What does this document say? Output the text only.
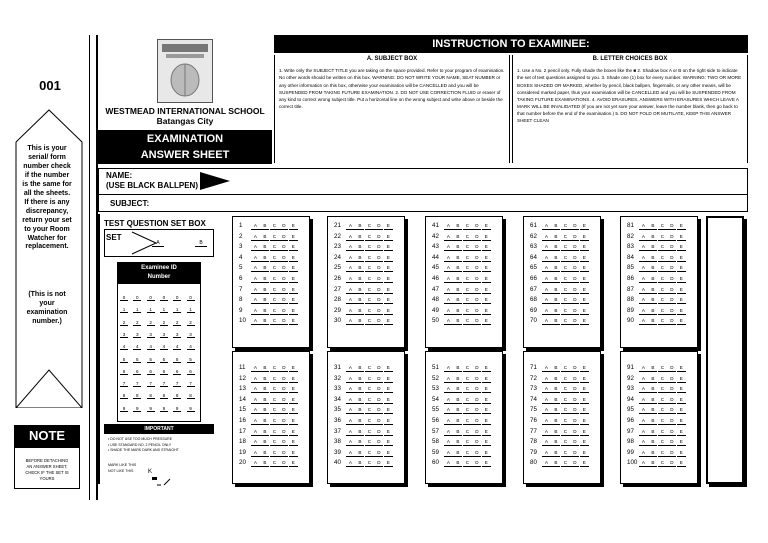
001
This is your
serial/ form
number check
if the number
is the same for
all the sheets.
If there is any
discrepancy,
return your set
to your Room
Watcher for
replacement.
(This is not
your
examination
number.)
NOTE
BEFORE DETACHING
AN ANSWER SHEET,
CHECK IF THE SET IS
YOURS
WESTMEAD INTERNATIONAL SCHOOL
Batangas City
EXAMINATION
ANSWER SHEET
INSTRUCTION TO EXAMINEE:
A. SUBJECT BOX
1. Write only the SUBJECT TITLE you are taking on the space provided. Refer to your program of examination. No other words should be written on this box. WARNING: DO NOT WRITE YOUR NAME, SEAT NUMBER or any other information on this box, otherwise your examination will be CANCELLED and you will be SUSPENDED FROM TAKING FUTURE EXAMINATION. 2. DO NOT USE CORRECTION FLUID or eraser of any kind to correct wrong subject title. Put a horizontal line on the wrong subject and write above or beside the correct title.
B. LETTER CHOICES BOX
1. Use a No. 2 pencil only. Fully shade the boxes like the ■ 2. Shadow box A or B on the right side to indicate the set of test questions assigned to you. 3. Shade one (1) box for every number. WARNING: TWO OR MORE BOXES SHADED OR MARKED, whether by pencil, black ballpen, fingernails, or any other means, will be considered marked paper, thus your examination will be CANCELLED and you will be SUSPENDED FROM TAKING FUTURE EXAMINATIONS. 4. AVOID ERASURES, ANSWERS WITH ERASURES WHICH LEAVE A MARK WILL BE INVALIDATED (If you are not yet sure your answer, leave the number blank, then go back to that number before the end of the examination.) 5. DO NOT FOLD OR MUTILATE, KEEP THIS ANSWER SHEET CLEAN
NAME:
(USE BLACK BALLPEN)
SUBJECT:
TEST QUESTION SET BOX
SET
A	B
Examinee ID
Number
0
1
2
3
4
5
6
7
8
9
0
1
2
3
4
5
6
7
8
9
0
1
2
3
4
5
6
7
8
9
0
1
2
3
4
5
6
7
8
9
0
1
2
3
4
5
6
7
8
9
0
1
2
3
4
5
6
7
8
9
IMPORTANT
• DO NOT USE TOO MUCH PRESSURE
• USE STANDARD NO. 2 PENCIL ONLY
• SHADE THE MARK DARK AND STRAIGHT
MARK LIKE THIS
NOT LIKE THIS	K
1 A B C D E
2 A B C D E
3 A B C D E
4 A B C D E
5 A B C D E
6 A B C D E
7 A B C D E
8 A B C D E
9 A B C D E
10 A B C D E
11 A B C D E
12 A B C D E
13 A B C D E
14 A B C D E
15 A B C D E
16 A B C D E
17 A B C D E
18 A B C D E
19 A B C D E
20 A B C D E
21 A B C D E
22 A B C D E
23 A B C D E
24 A B C D E
25 A B C D E
26 A B C D E
27 A B C D E
28 A B C D E
29 A B C D E
30 A B C D E
31 A B C D E
32 A B C D E
33 A B C D E
34 A B C D E
35 A B C D E
36 A B C D E
37 A B C D E
38 A B C D E
39 A B C D E
40 A B C D E
41 A B C D E
42 A B C D E
43 A B C D E
44 A B C D E
45 A B C D E
46 A B C D E
47 A B C D E
48 A B C D E
49 A B C D E
50 A B C D E
51 A B C D E
52 A B C D E
53 A B C D E
54 A B C D E
55 A B C D E
56 A B C D E
57 A B C D E
58 A B C D E
59 A B C D E
60 A B C D E
61 A B C D E
62 A B C D E
63 A B C D E
64 A B C D E
65 A B C D E
66 A B C D E
67 A B C D E
68 A B C D E
69 A B C D E
70 A B C D E
71 A B C D E
72 A B C D E
73 A B C D E
74 A B C D E
75 A B C D E
76 A B C D E
77 A B C D E
78 A B C D E
79 A B C D E
80 A B C D E
81 A B C D E
82 A B C D E
83 A B C D E
84 A B C D E
85 A B C D E
86 A B C D E
87 A B C D E
88 A B C D E
89 A B C D E
90 A B C D E
91 A B C D E
92 A B C D E
93 A B C D E
94 A B C D E
95 A B C D E
96 A B C D E
97 A B C D E
98 A B C D E
99 A B C D E
100 A B C D E
